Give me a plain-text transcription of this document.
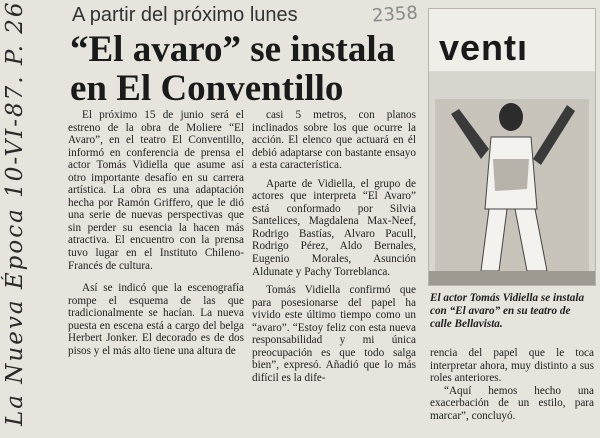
La Nueva Época 10-VI-87. P. 26	2358
A partir del próximo lunes
“El avaro” se instala
en El Conventillo

El próximo 15 de junio será el estreno de la obra de Moliere “El Avaro”, en el teatro El Conventillo, informó en conferencia de prensa el actor Tomás Vidiella que asume así otro importante desafío en su carrera artística. La obra es una adaptación hecha por Ramón Griffero, que le dió una serie de nuevas perspectivas que sin perder su esencia la hacen más atractiva. El encuentro con la prensa tuvo lugar en el Instituto Chileno-Francés de cultura.

Así se indicó que la escenografía rompe el esquema de las que tradicionalmente se hacían. La nueva puesta en escena está a cargo del belga Herbert Jonker. El decorado es de dos pisos y el más alto tiene una altura de

casi 5 metros, con planos inclinados sobre los que ocurre la acción. El elenco que actuará en él debió adaptarse con bastante ensayo a esta característica.

Aparte de Vidiella, el grupo de actores que interpreta “El Avaro” está conformado por Silvia Santelices, Magdalena Max-Neef, Rodrigo Bastías, Alvaro Pacull, Rodrigo Pérez, Aldo Bernales, Eugenio Morales, Asunción Aldunate y Pachy Torreblanca.

Tomás Vidiella confirmó que para posesionarse del papel ha vivido este último tiempo como un “avaro”. “Estoy feliz con esta nueva responsabilidad y mi única preocupación es que todo salga bien”, expresó. Añadió que lo más difícil es la dife-

ventı
El actor Tomás Vidiella se instala con “El avaro” en su teatro de calle Bellavista.

rencia del papel que le toca interpretar ahora, muy distinto a sus roles anteriores.

“Aquí hemos hecho una exacerbación de un estilo, para marcar”, concluyó.
